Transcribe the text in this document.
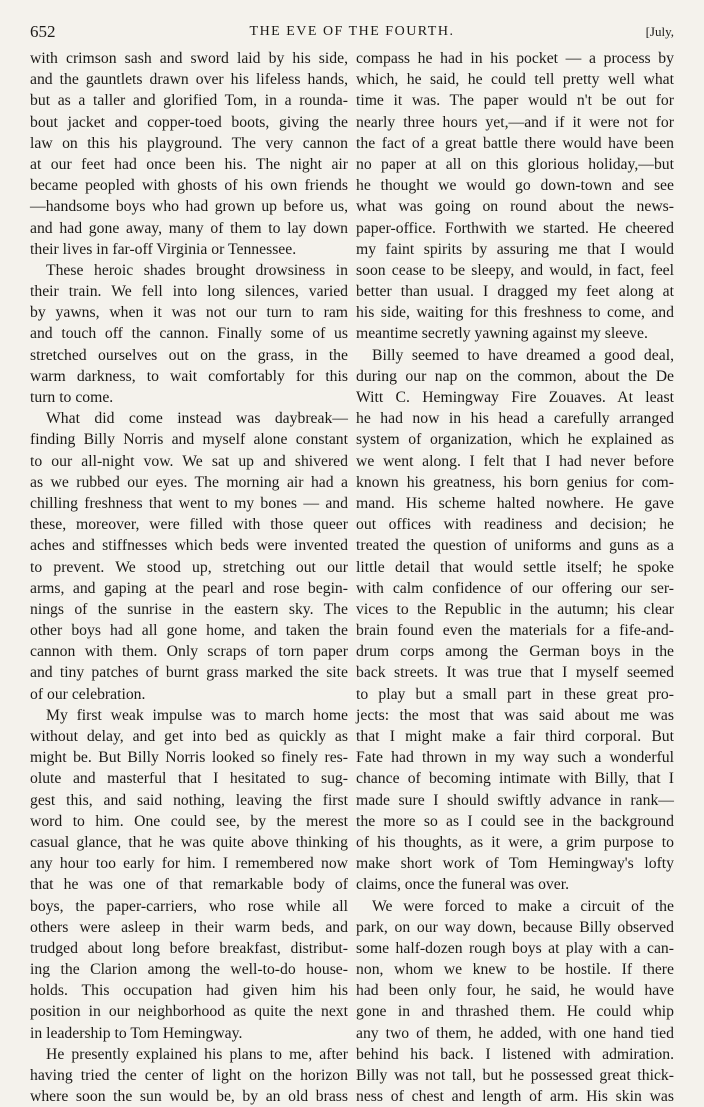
652	THE EVE OF THE FOURTH.	[July,
with crimson sash and sword laid by his side,
and the gauntlets drawn over his lifeless hands,
but as a taller and glorified Tom, in a rounda-
bout jacket and copper-toed boots, giving the
law on this his playground. The very cannon
at our feet had once been his. The night air
became peopled with ghosts of his own friends
—handsome boys who had grown up before us,
and had gone away, many of them to lay down
their lives in far-off Virginia or Tennessee.
These heroic shades brought drowsiness in
their train. We fell into long silences, varied
by yawns, when it was not our turn to ram
and touch off the cannon. Finally some of us
stretched ourselves out on the grass, in the
warm darkness, to wait comfortably for this
turn to come.
What did come instead was daybreak—
finding Billy Norris and myself alone constant
to our all-night vow. We sat up and shivered
as we rubbed our eyes. The morning air had a
chilling freshness that went to my bones — and
these, moreover, were filled with those queer
aches and stiffnesses which beds were invented
to prevent. We stood up, stretching out our
arms, and gaping at the pearl and rose begin-
nings of the sunrise in the eastern sky. The
other boys had all gone home, and taken the
cannon with them. Only scraps of torn paper
and tiny patches of burnt grass marked the site
of our celebration.
My first weak impulse was to march home
without delay, and get into bed as quickly as
might be. But Billy Norris looked so finely res-
olute and masterful that I hesitated to sug-
gest this, and said nothing, leaving the first
word to him. One could see, by the merest
casual glance, that he was quite above thinking
any hour too early for him. I remembered now
that he was one of that remarkable body of
boys, the paper-carriers, who rose while all
others were asleep in their warm beds, and
trudged about long before breakfast, distribut-
ing the Clarion among the well-to-do house-
holds. This occupation had given him his
position in our neighborhood as quite the next
in leadership to Tom Hemingway.
He presently explained his plans to me, after
having tried the center of light on the horizon
where soon the sun would be, by an old brass
compass he had in his pocket — a process by
which, he said, he could tell pretty well what
time it was. The paper would n't be out for
nearly three hours yet,—and if it were not for
the fact of a great battle there would have been
no paper at all on this glorious holiday,—but
he thought we would go down-town and see
what was going on round about the news-
paper-office. Forthwith we started. He cheered
my faint spirits by assuring me that I would
soon cease to be sleepy, and would, in fact, feel
better than usual. I dragged my feet along at
his side, waiting for this freshness to come, and
meantime secretly yawning against my sleeve.
Billy seemed to have dreamed a good deal,
during our nap on the common, about the De
Witt C. Hemingway Fire Zouaves. At least
he had now in his head a carefully arranged
system of organization, which he explained as
we went along. I felt that I had never before
known his greatness, his born genius for com-
mand. His scheme halted nowhere. He gave
out offices with readiness and decision; he
treated the question of uniforms and guns as a
little detail that would settle itself; he spoke
with calm confidence of our offering our ser-
vices to the Republic in the autumn; his clear
brain found even the materials for a fife-and-
drum corps among the German boys in the
back streets. It was true that I myself seemed
to play but a small part in these great pro-
jects: the most that was said about me was
that I might make a fair third corporal. But
Fate had thrown in my way such a wonderful
chance of becoming intimate with Billy, that I
made sure I should swiftly advance in rank—
the more so as I could see in the background
of his thoughts, as it were, a grim purpose to
make short work of Tom Hemingway's lofty
claims, once the funeral was over.
We were forced to make a circuit of the
park, on our way down, because Billy observed
some half-dozen rough boys at play with a can-
non, whom we knew to be hostile. If there
had been only four, he said, he would have
gone in and thrashed them. He could whip
any two of them, he added, with one hand tied
behind his back. I listened with admiration.
Billy was not tall, but he possessed great thick-
ness of chest and length of arm. His skin was
